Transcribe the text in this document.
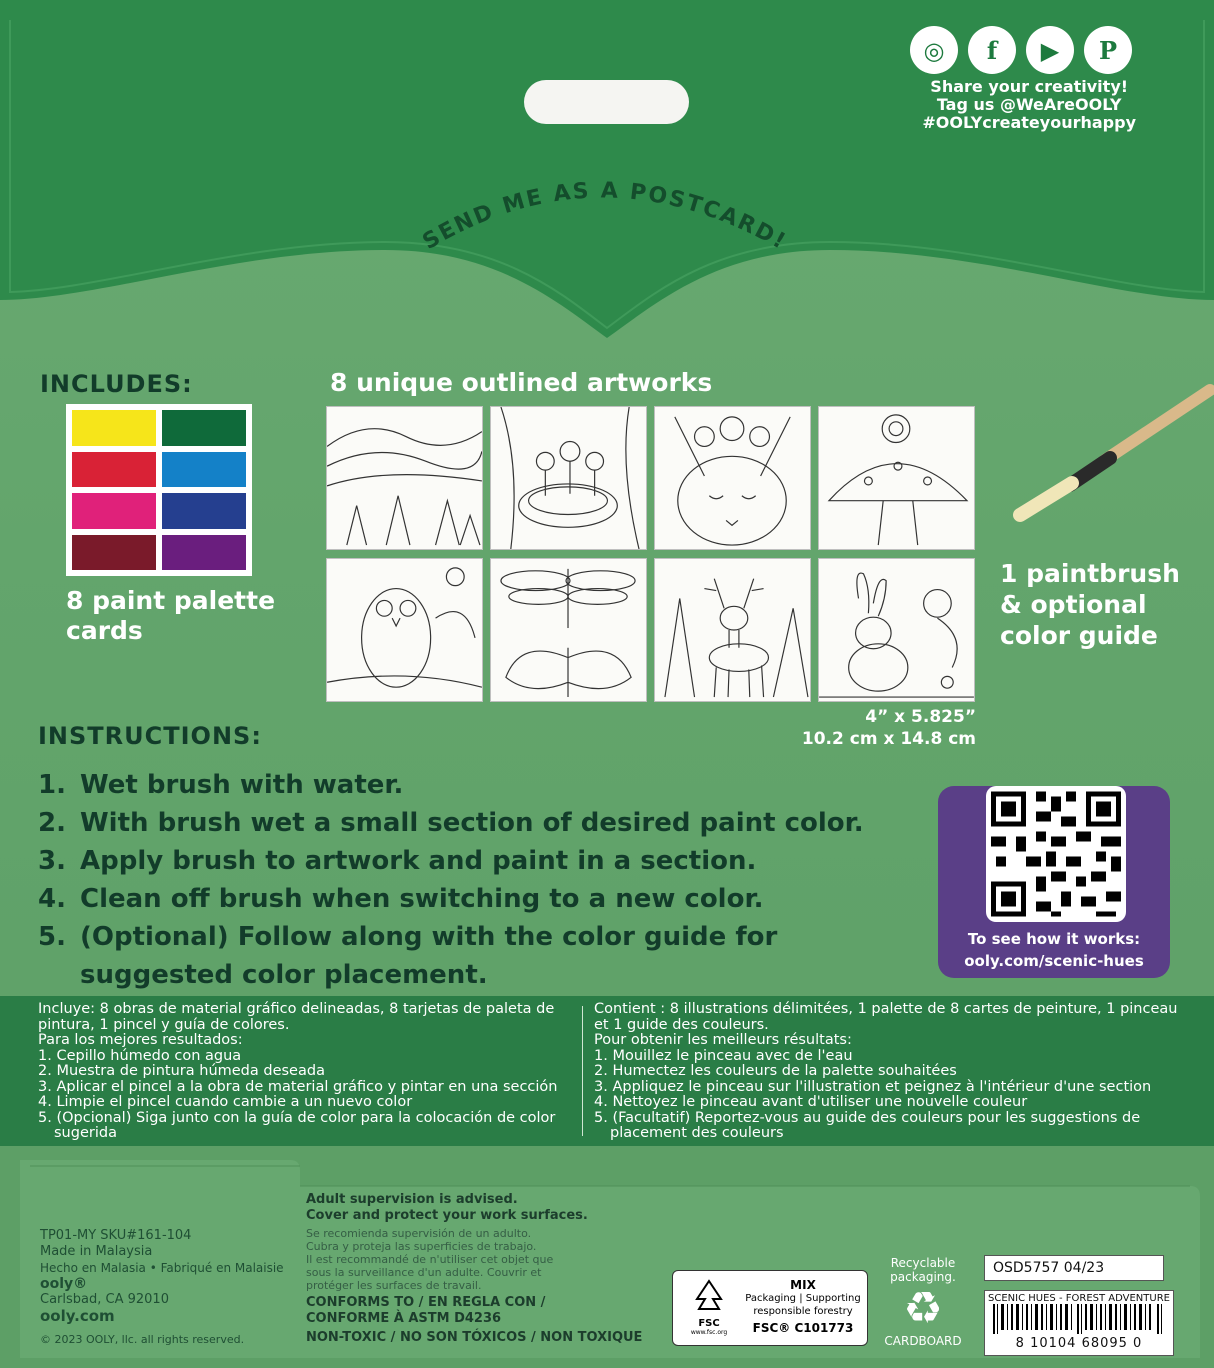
SEND ME AS A POSTCARD!
◎	f	▶	P
Share your creativity!
Tag us @WeAreOOLY
#OOLYcreateyourhappy
INCLUDES:
8 paint palette
cards
8 unique outlined artworks
1 paintbrush
& optional
color guide
4” x 5.825”
10.2 cm x 14.8 cm
INSTRUCTIONS:
1. Wet brush with water.
2. With brush wet a small section of desired paint color.
3. Apply brush to artwork and paint in a section.
4. Clean off brush when switching to a new color.
5. (Optional) Follow along with the color guide for
suggested color placement.
To see how it works:
ooly.com/scenic-hues
Incluye: 8 obras de material gráfico delineadas, 8 tarjetas de paleta de
pintura, 1 pincel y guía de colores.
Para los mejores resultados:
1. Cepillo húmedo con agua
2. Muestra de pintura húmeda deseada
3. Aplicar el pincel a la obra de material gráfico y pintar en una sección
4. Limpie el pincel cuando cambie a un nuevo color
5. (Opcional) Siga junto con la guía de color para la colocación de color
sugerida
Contient : 8 illustrations délimitées, 1 palette de 8 cartes de peinture, 1 pinceau
et 1 guide des couleurs.
Pour obtenir les meilleurs résultats:
1. Mouillez le pinceau avec de l'eau
2. Humectez les couleurs de la palette souhaitées
3. Appliquez le pinceau sur l'illustration et peignez à l'intérieur d'une section
4. Nettoyez le pinceau avant d'utiliser une nouvelle couleur
5. (Facultatif) Reportez-vous au guide des couleurs pour les suggestions de
placement des couleurs
TP01-MY SKU#161-104
Made in Malaysia
Hecho en Malasia • Fabriqué en Malaisie
ooly®
Carlsbad, CA 92010
ooly.com
© 2023 OOLY, llc. all rights reserved.
Adult supervision is advised.
Cover and protect your work surfaces.
Se recomienda supervisión de un adulto.
Cubra y proteja las superficies de trabajo.
Il est recommandé de n'utiliser cet objet que
sous la surveillance d'un adulte. Couvrir et
protéger les surfaces de travail.
CONFORMS TO / EN REGLA CON /
CONFORME À ASTM D4236
NON-TOXIC / NO SON TÓXICOS / NON TOXIQUE
FSC
www.fsc.org
MIX
Packaging | Supporting
responsible forestry
FSC® C101773
Recyclable
packaging.
♻
CARDBOARD
OSD5757 04/23
SCENIC HUES - FOREST ADVENTURE
8 10104 68095 0
